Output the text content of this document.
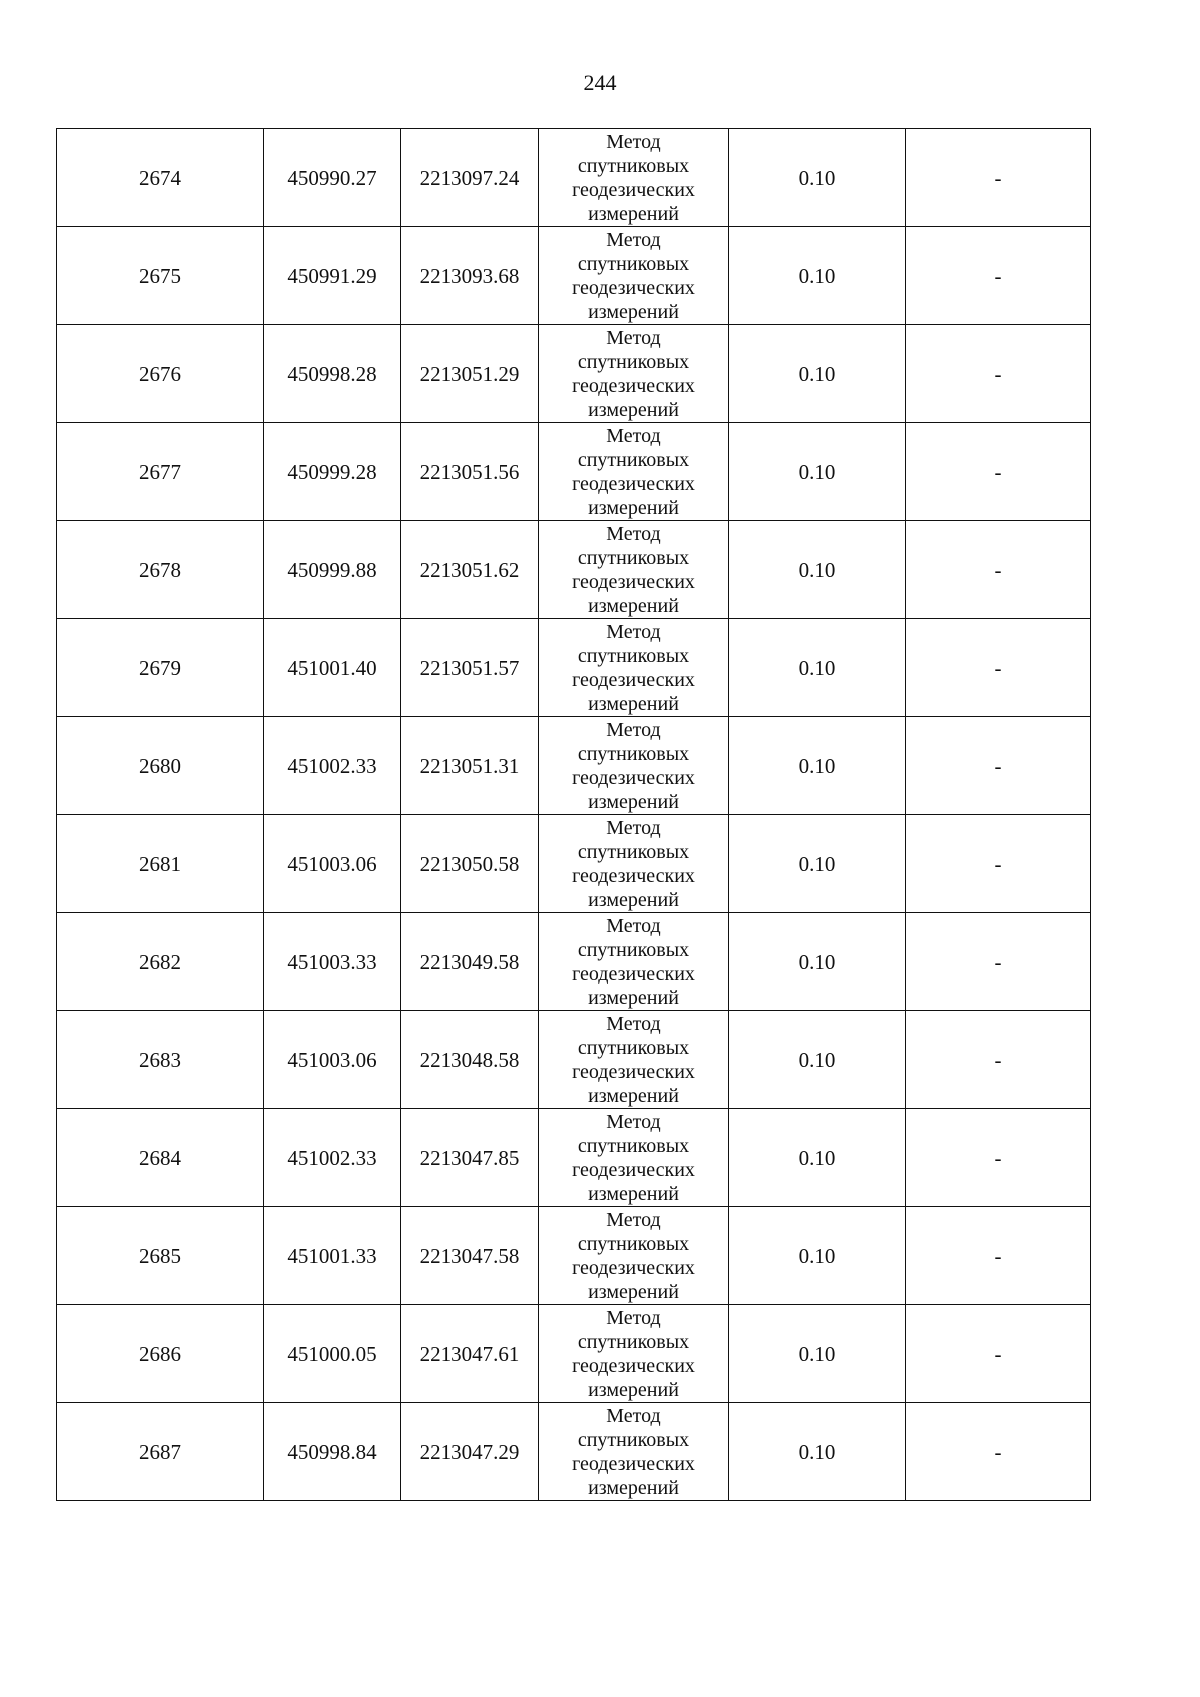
244
2674	450990.27	2213097.24	Метод
спутниковых
геодезических
измерений	0.10	-
2675	450991.29	2213093.68	Метод
спутниковых
геодезических
измерений	0.10	-
2676	450998.28	2213051.29	Метод
спутниковых
геодезических
измерений	0.10	-
2677	450999.28	2213051.56	Метод
спутниковых
геодезических
измерений	0.10	-
2678	450999.88	2213051.62	Метод
спутниковых
геодезических
измерений	0.10	-
2679	451001.40	2213051.57	Метод
спутниковых
геодезических
измерений	0.10	-
2680	451002.33	2213051.31	Метод
спутниковых
геодезических
измерений	0.10	-
2681	451003.06	2213050.58	Метод
спутниковых
геодезических
измерений	0.10	-
2682	451003.33	2213049.58	Метод
спутниковых
геодезических
измерений	0.10	-
2683	451003.06	2213048.58	Метод
спутниковых
геодезических
измерений	0.10	-
2684	451002.33	2213047.85	Метод
спутниковых
геодезических
измерений	0.10	-
2685	451001.33	2213047.58	Метод
спутниковых
геодезических
измерений	0.10	-
2686	451000.05	2213047.61	Метод
спутниковых
геодезических
измерений	0.10	-
2687	450998.84	2213047.29	Метод
спутниковых
геодезических
измерений	0.10	-
